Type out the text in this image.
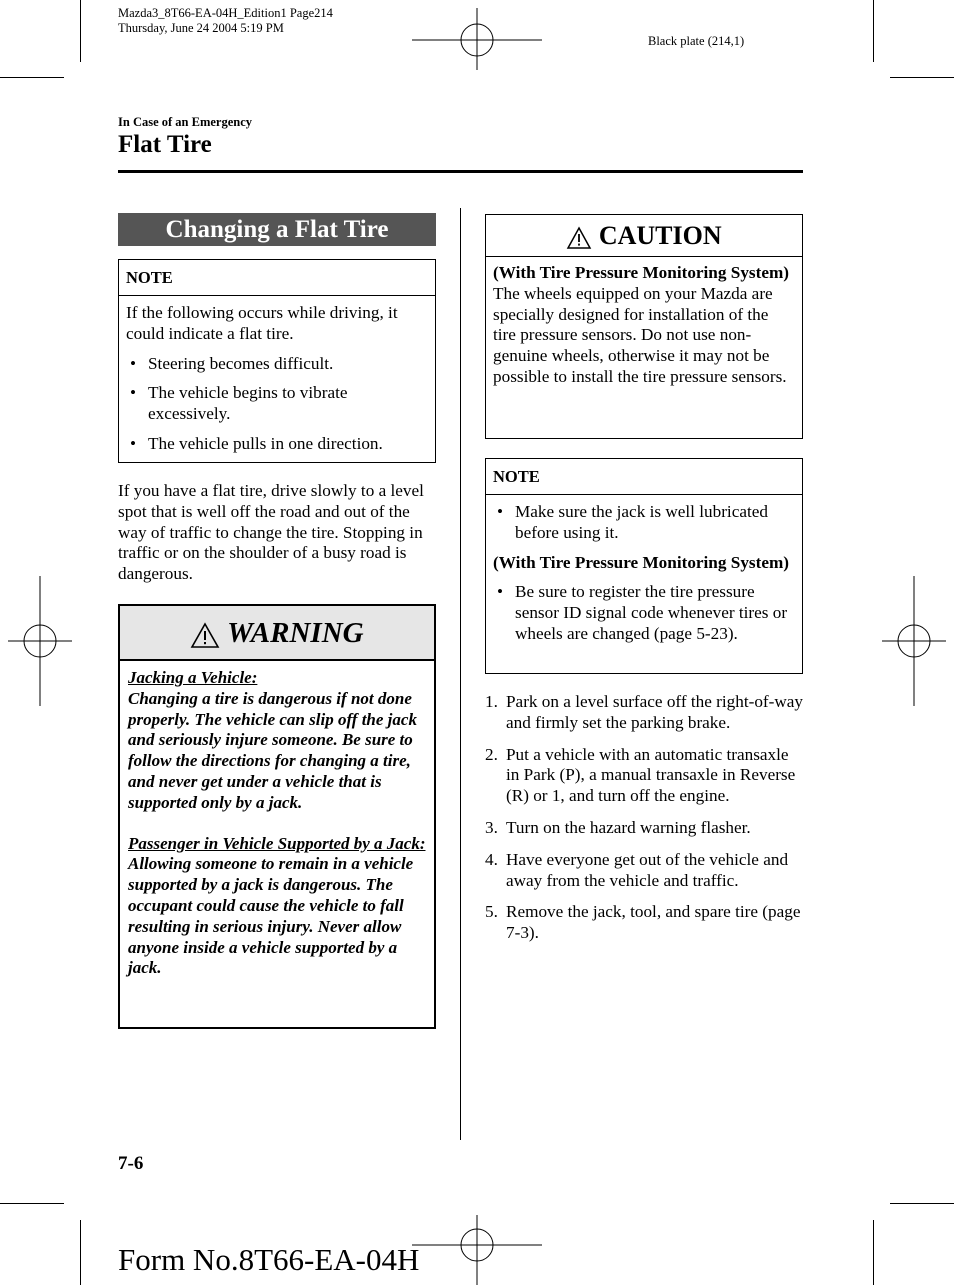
Mazda3_8T66-EA-04H_Edition1 Page214
Thursday, June 24 2004 5:19 PM
Black plate (214,1)
In Case of an Emergency
Flat Tire
Changing a Flat Tire
NOTE
If the following occurs while driving, it could indicate a flat tire.
• Steering becomes difficult.
• The vehicle begins to vibrate excessively.
• The vehicle pulls in one direction.
If you have a flat tire, drive slowly to a level spot that is well off the road and out of the way of traffic to change the tire. Stopping in traffic or on the shoulder of a busy road is dangerous.
WARNING
Jacking a Vehicle:
Changing a tire is dangerous if not done properly. The vehicle can slip off the jack and seriously injure someone. Be sure to follow the directions for changing a tire, and never get under a vehicle that is supported only by a jack.
Passenger in Vehicle Supported by a Jack:
Allowing someone to remain in a vehicle supported by a jack is dangerous. The occupant could cause the vehicle to fall resulting in serious injury. Never allow anyone inside a vehicle supported by a jack.
CAUTION
(With Tire Pressure Monitoring System)
The wheels equipped on your Mazda are specially designed for installation of the tire pressure sensors. Do not use non-genuine wheels, otherwise it may not be possible to install the tire pressure sensors.
NOTE
• Make sure the jack is well lubricated before using it.
(With Tire Pressure Monitoring System)
• Be sure to register the tire pressure sensor ID signal code whenever tires or wheels are changed (page 5-23).
1. Park on a level surface off the right-of-way and firmly set the parking brake.
2. Put a vehicle with an automatic transaxle in Park (P), a manual transaxle in Reverse (R) or 1, and turn off the engine.
3. Turn on the hazard warning flasher.
4. Have everyone get out of the vehicle and away from the vehicle and traffic.
5. Remove the jack, tool, and spare tire (page 7-3).
7-6
Form No.8T66-EA-04H
